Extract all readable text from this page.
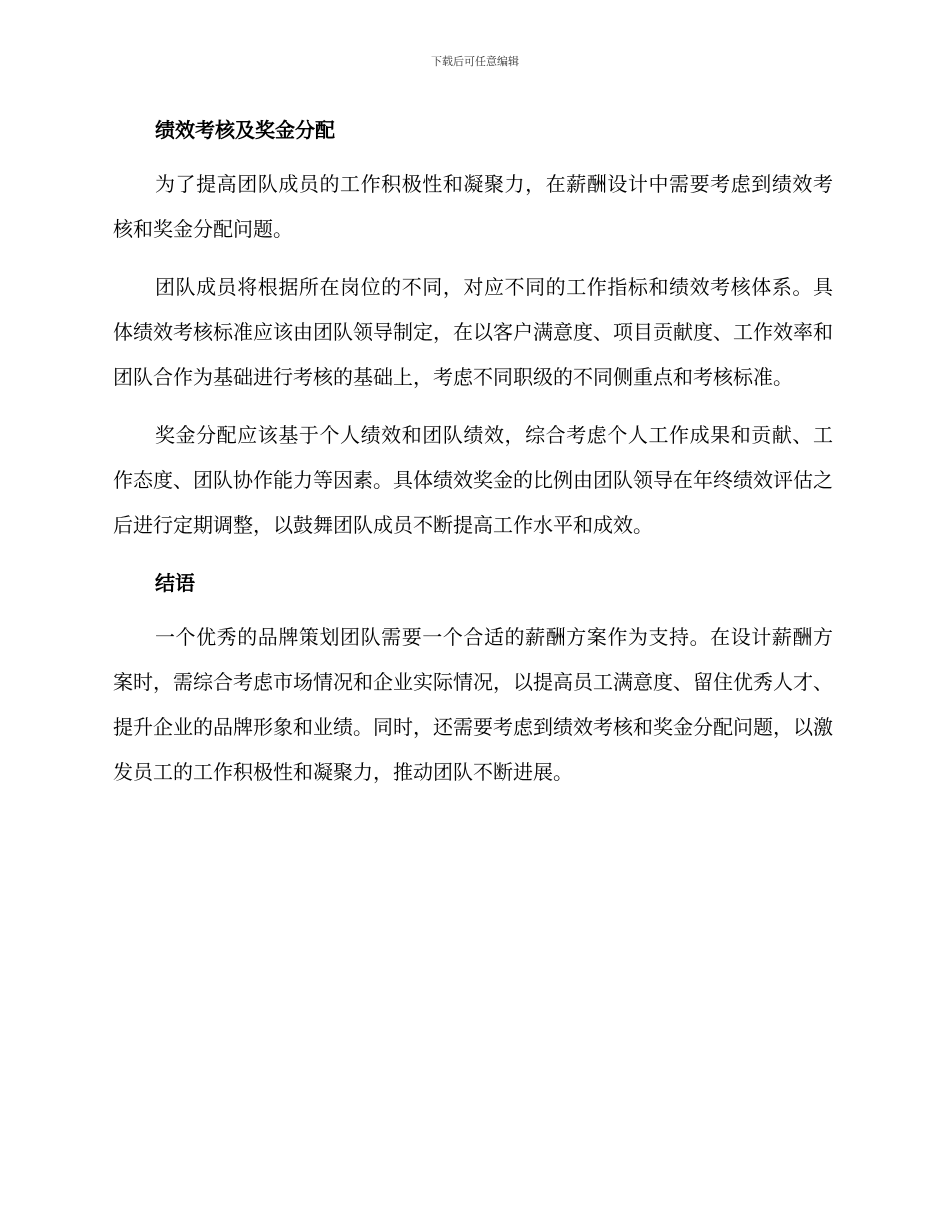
下载后可任意编辑
绩效考核及奖金分配

为了提高团队成员的工作积极性和凝聚力，在薪酬设计中需要考虑到绩效考核和奖金分配问题。

团队成员将根据所在岗位的不同，对应不同的工作指标和绩效考核体系。具体绩效考核标准应该由团队领导制定，在以客户满意度、项目贡献度、工作效率和团队合作为基础进行考核的基础上，考虑不同职级的不同侧重点和考核标准。

奖金分配应该基于个人绩效和团队绩效，综合考虑个人工作成果和贡献、工作态度、团队协作能力等因素。具体绩效奖金的比例由团队领导在年终绩效评估之后进行定期调整，以鼓舞团队成员不断提高工作水平和成效。

结语

一个优秀的品牌策划团队需要一个合适的薪酬方案作为支持。在设计薪酬方案时，需综合考虑市场情况和企业实际情况，以提高员工满意度、留住优秀人才、提升企业的品牌形象和业绩。同时，还需要考虑到绩效考核和奖金分配问题，以激发员工的工作积极性和凝聚力，推动团队不断进展。
